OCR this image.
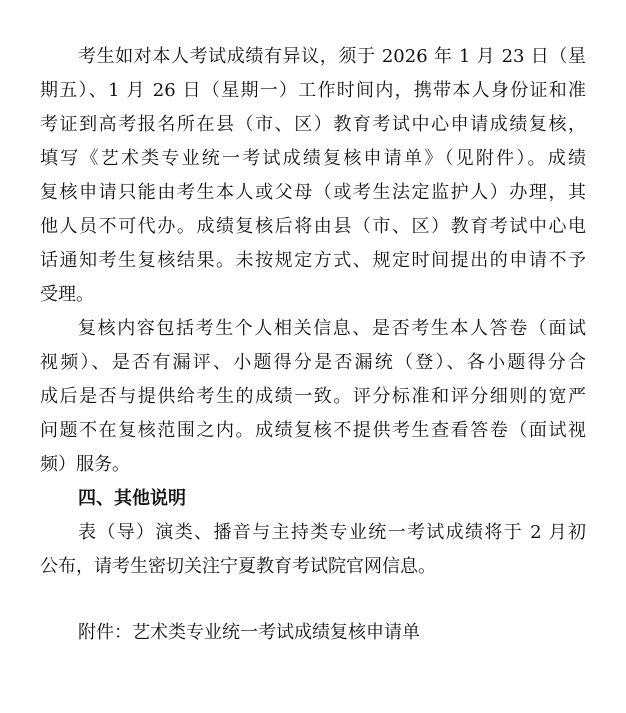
考生如对本人考试成绩有异议，须于 2026 年 1 月 23 日（星
期五）、1 月 26 日（星期一）工作时间内，携带本人身份证和准
考证到高考报名所在县（市、区）教育考试中心申请成绩复核，
填写《艺术类专业统一考试成绩复核申请单》（见附件）。成绩
复核申请只能由考生本人或父母（或考生法定监护人）办理，其
他人员不可代办。成绩复核后将由县（市、区）教育考试中心电
话通知考生复核结果。未按规定方式、规定时间提出的申请不予
受理。
复核内容包括考生个人相关信息、是否考生本人答卷（面试
视频）、是否有漏评、小题得分是否漏统（登）、各小题得分合
成后是否与提供给考生的成绩一致。评分标准和评分细则的宽严
问题不在复核范围之内。成绩复核不提供考生查看答卷（面试视
频）服务。
四、其他说明
表（导）演类、播音与主持类专业统一考试成绩将于 2 月初
公布，请考生密切关注宁夏教育考试院官网信息。
附件：艺术类专业统一考试成绩复核申请单
